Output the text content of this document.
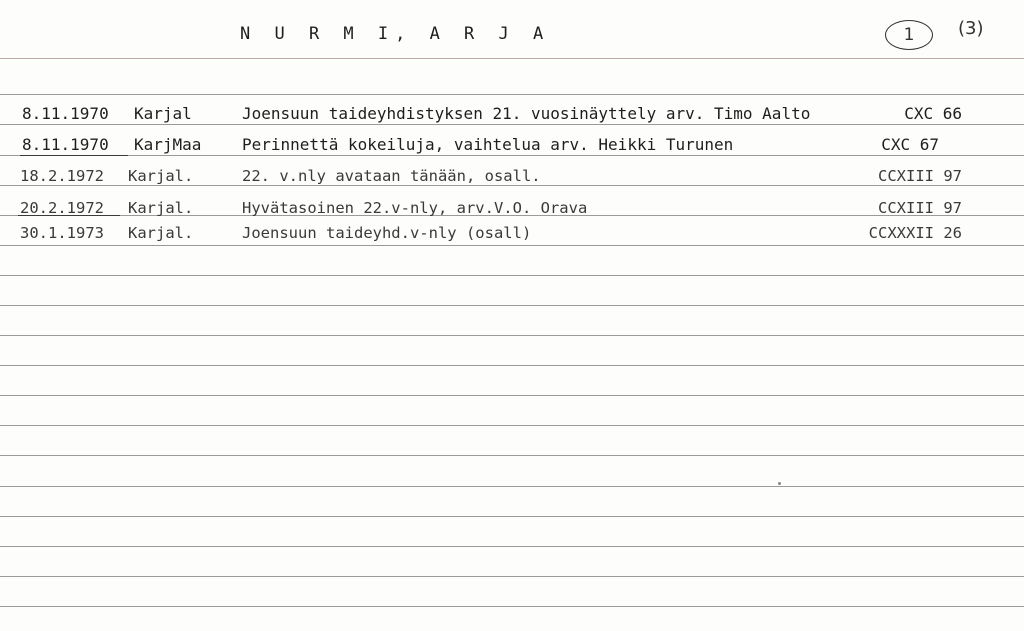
N U R M I, A R J A	1	(3)
8.11.1970 Karjal	Joensuun taideyhdistyksen 21. vuosinäyttely arv. Timo Aalto	CXC 66
8.11.1970 KarjMaa	Perinnettä kokeiluja, vaihtelua arv. Heikki Turunen	CXC 67
18.2.1972 Karjal.	22. v.nly avataan tänään, osall.	CCXIII 97
20.2.1972 Karjal.	Hyvätasoinen 22.v-nly, arv.V.O. Orava	CCXIII 97
30.1.1973 Karjal.	Joensuun taideyhd.v-nly (osall)	CCXXXII 26
